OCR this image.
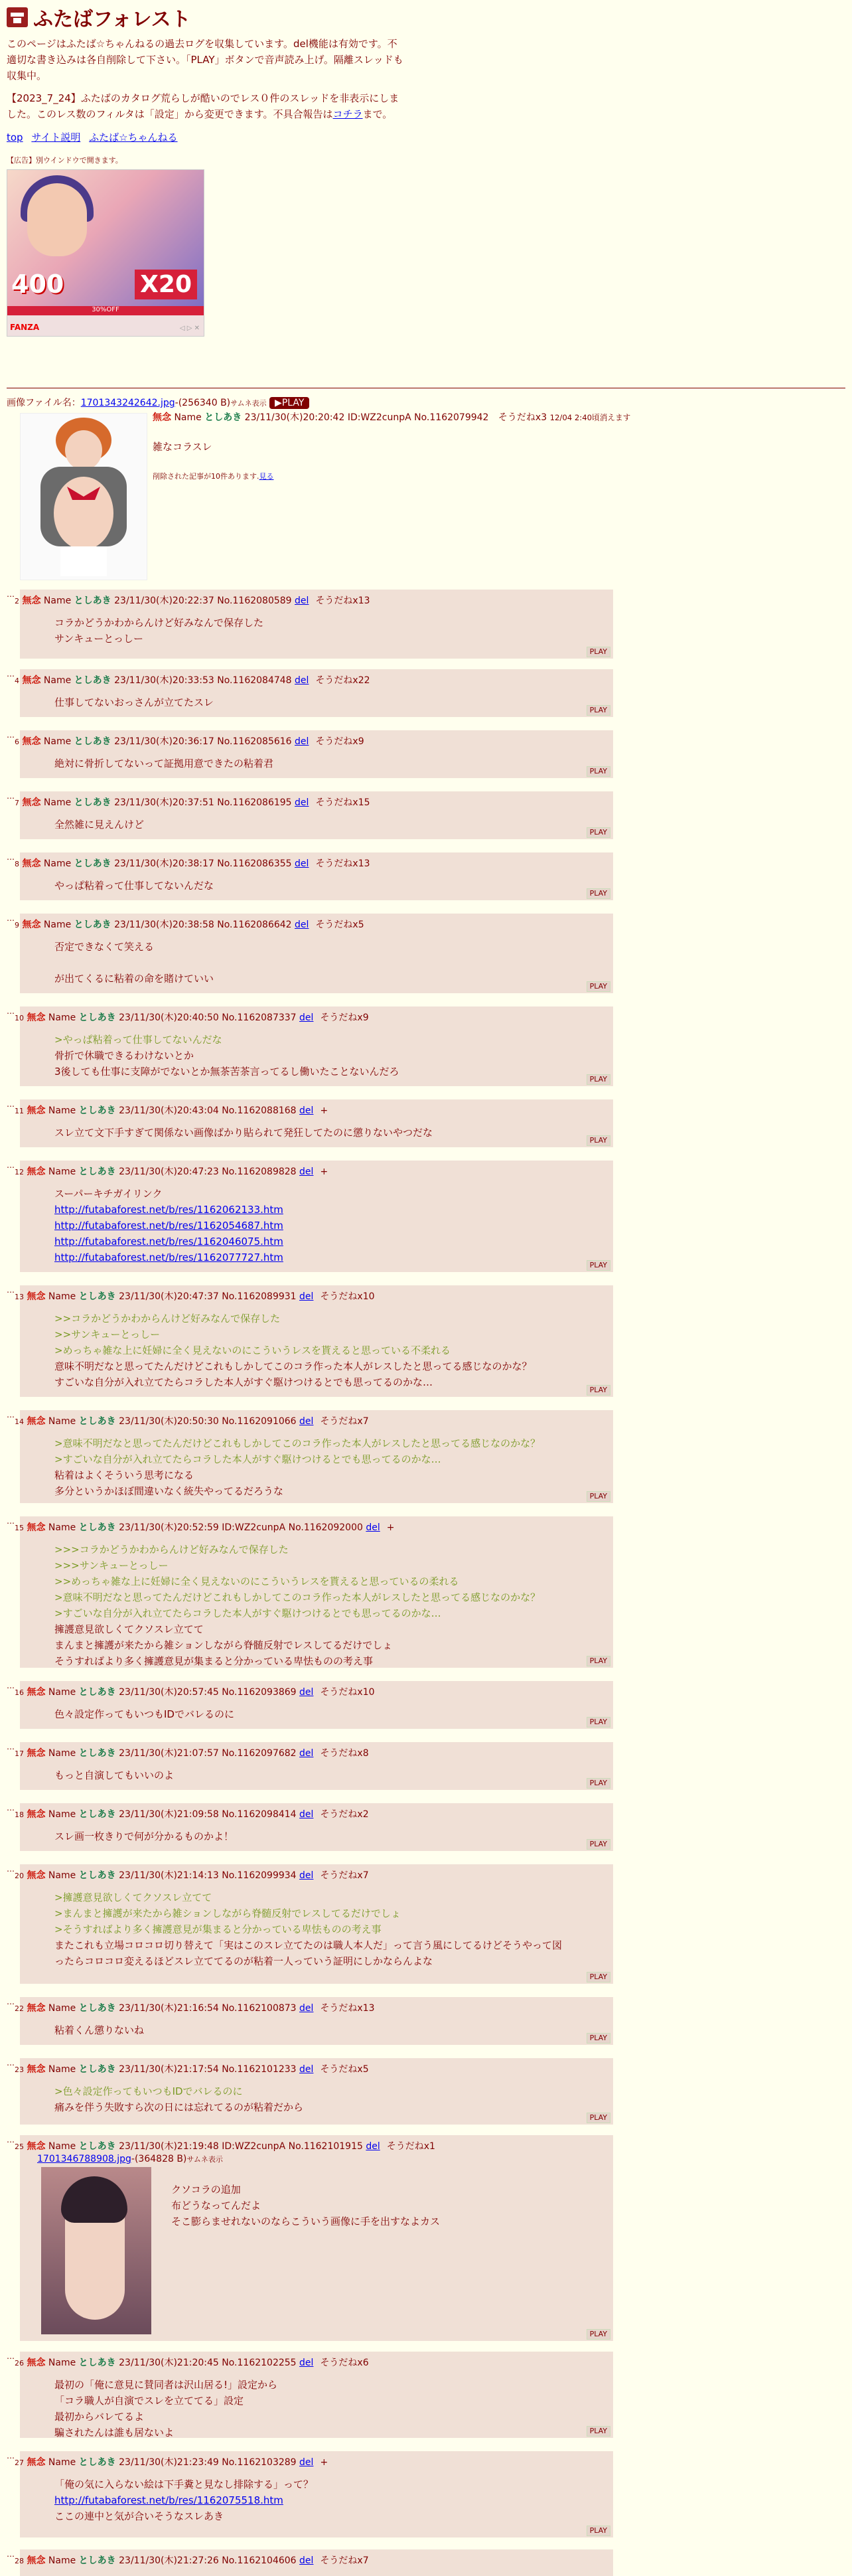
ふたばフォレスト

このページはふたば☆ちゃんねるの過去ログを収集しています。del機能は有効です。不適切な書き込みは各自削除して下さい。「PLAY」ボタンで音声読み上げ。隔離スレッドも収集中。

【2023_7_24】ふたばのカタログ荒らしが酷いのでレス０件のスレッドを非表示にしました。このレス数のフィルタは「設定」から変更できます。不具合報告はコチラまで。

top サイト説明 ふたば☆ちゃんねる
【広告】別ウインドウで開きます。
400	X20
30%OFF
FANZA	◁ ▷ ✕
画像ファイル名：1701343242642.jpg-(256340 B)サムネ表示 ▶PLAY
無念 Name としあき 23/11/30(木)20:20:42 ID:WZ2cunpA No.1162079942 そうだねx3 12/04 2:40頃消えます
雑なコラスレ
削除された記事が10件あります.見る
…
2 無念 Name としあき 23/11/30(木)20:22:37 No.1162080589 del そうだねx13
コラかどうかわからんけど好みなんで保存した
サンキューとっしー
PLAY
…
4 無念 Name としあき 23/11/30(木)20:33:53 No.1162084748 del そうだねx22
仕事してないおっさんが立てたスレ
PLAY
…
6 無念 Name としあき 23/11/30(木)20:36:17 No.1162085616 del そうだねx9
絶対に骨折してないって証拠用意できたの粘着君
PLAY
…
7 無念 Name としあき 23/11/30(木)20:37:51 No.1162086195 del そうだねx15
全然雑に見えんけど
PLAY
…
8 無念 Name としあき 23/11/30(木)20:38:17 No.1162086355 del そうだねx13
やっぱ粘着って仕事してないんだな
PLAY
…
9 無念 Name としあき 23/11/30(木)20:38:58 No.1162086642 del そうだねx5
否定できなくて笑える
が出てくるに粘着の命を賭けていい
PLAY
…
10 無念 Name としあき 23/11/30(木)20:40:50 No.1162087337 del そうだねx9
>やっぱ粘着って仕事してないんだな
骨折で休職できるわけないとか
3後しても仕事に支障がでないとか無茶苦茶言ってるし働いたことないんだろ
PLAY
…
11 無念 Name としあき 23/11/30(木)20:43:04 No.1162088168 del +
スレ立て文下手すぎて関係ない画像ばかり貼られて発狂してたのに懲りないやつだな
PLAY
…
12 無念 Name としあき 23/11/30(木)20:47:23 No.1162089828 del +
スーパーキチガイリンク
http://futabaforest.net/b/res/1162062133.htm
http://futabaforest.net/b/res/1162054687.htm
http://futabaforest.net/b/res/1162046075.htm
http://futabaforest.net/b/res/1162077727.htm
PLAY
…
13 無念 Name としあき 23/11/30(木)20:47:37 No.1162089931 del そうだねx10
>>コラかどうかわからんけど好みなんで保存した
>>サンキューとっしー
>めっちゃ雑な上に妊婦に全く見えないのにこういうレスを貰えると思っている不柔れる
意味不明だなと思ってたんだけどこれもしかしてこのコラ作った本人がレスしたと思ってる感じなのかな？
すごいな自分が入れ立てたらコラした本人がすぐ駆けつけるとでも思ってるのかな…
PLAY
…
14 無念 Name としあき 23/11/30(木)20:50:30 No.1162091066 del そうだねx7
>意味不明だなと思ってたんだけどこれもしかしてこのコラ作った本人がレスしたと思ってる感じなのかな？
>すごいな自分が入れ立てたらコラした本人がすぐ駆けつけるとでも思ってるのかな…
粘着はよくそういう思考になる
多分というかほぼ間違いなく統失やってるだろうな	PLAY
…
15 無念 Name としあき 23/11/30(木)20:52:59 ID:WZ2cunpA No.1162092000 del +
>>>コラかどうかわからんけど好みなんで保存した
>>>サンキューとっしー
>>めっちゃ雑な上に妊婦に全く見えないのにこういうレスを貰えると思っているの柔れる
>意味不明だなと思ってたんだけどこれもしかしてこのコラ作った本人がレスしたと思ってる感じなのかな？
>すごいな自分が入れ立てたらコラした本人がすぐ駆けつけるとでも思ってるのかな…
擁護意見欲しくてクソスレ立てて
まんまと擁護が来たから雑ションしながら脊髄反射でレスしてるだけでしょ
そうすればより多く擁護意見が集まると分かっている卑怯ものの考え事	PLAY
…
16 無念 Name としあき 23/11/30(木)20:57:45 No.1162093869 del そうだねx10
色々設定作ってもいつもIDでバレるのに
PLAY
…
17 無念 Name としあき 23/11/30(木)21:07:57 No.1162097682 del そうだねx8
もっと自演してもいいのよ
PLAY
…
18 無念 Name としあき 23/11/30(木)21:09:58 No.1162098414 del そうだねx2
スレ画一枚きりで何が分かるものかよ！
PLAY
…
20 無念 Name としあき 23/11/30(木)21:14:13 No.1162099934 del そうだねx7
>擁護意見欲しくてクソスレ立てて
>まんまと擁護が来たから雑ションしながら脊髄反射でレスしてるだけでしょ
>そうすればより多く擁護意見が集まると分かっている卑怯ものの考え事
またこれも立場コロコロ切り替えて「実はこのスレ立てたのは職人本人だ」って言う風にしてるけどそうやって図
ったらコロコロ変えるほどスレ立ててるのが粘着一人っていう証明にしかならんよな
PLAY
…
22 無念 Name としあき 23/11/30(木)21:16:54 No.1162100873 del そうだねx13
粘着くん懲りないね
PLAY
…
23 無念 Name としあき 23/11/30(木)21:17:54 No.1162101233 del そうだねx5
>色々設定作ってもいつもIDでバレるのに
痛みを伴う失敗すら次の日には忘れてるのが粘着だから
PLAY
…
25 無念 Name としあき 23/11/30(木)21:19:48 ID:WZ2cunpA No.1162101915 del そうだねx1
1701346788908.jpg-(364828 B)サムネ表示
クソコラの追加
布どうなってんだよ
そこ膨らませれないのならこういう画像に手を出すなよカス
PLAY
…
26 無念 Name としあき 23/11/30(木)21:20:45 No.1162102255 del そうだねx6
最初の「俺に意見に賛同者は沢山居る!」設定から
「コラ職人が自演でスレを立ててる」設定
最初からバレてるよ
騙されたんは誰も居ないよ	PLAY
…
27 無念 Name としあき 23/11/30(木)21:23:49 No.1162103289 del +
「俺の気に入らない絵は下手糞と見なし排除する」って？
http://futabaforest.net/b/res/1162075518.htm
ここの連中と気が合いそうなスレあき
PLAY
…
28 無念 Name としあき 23/11/30(木)21:27:26 No.1162104606 del そうだねx7
